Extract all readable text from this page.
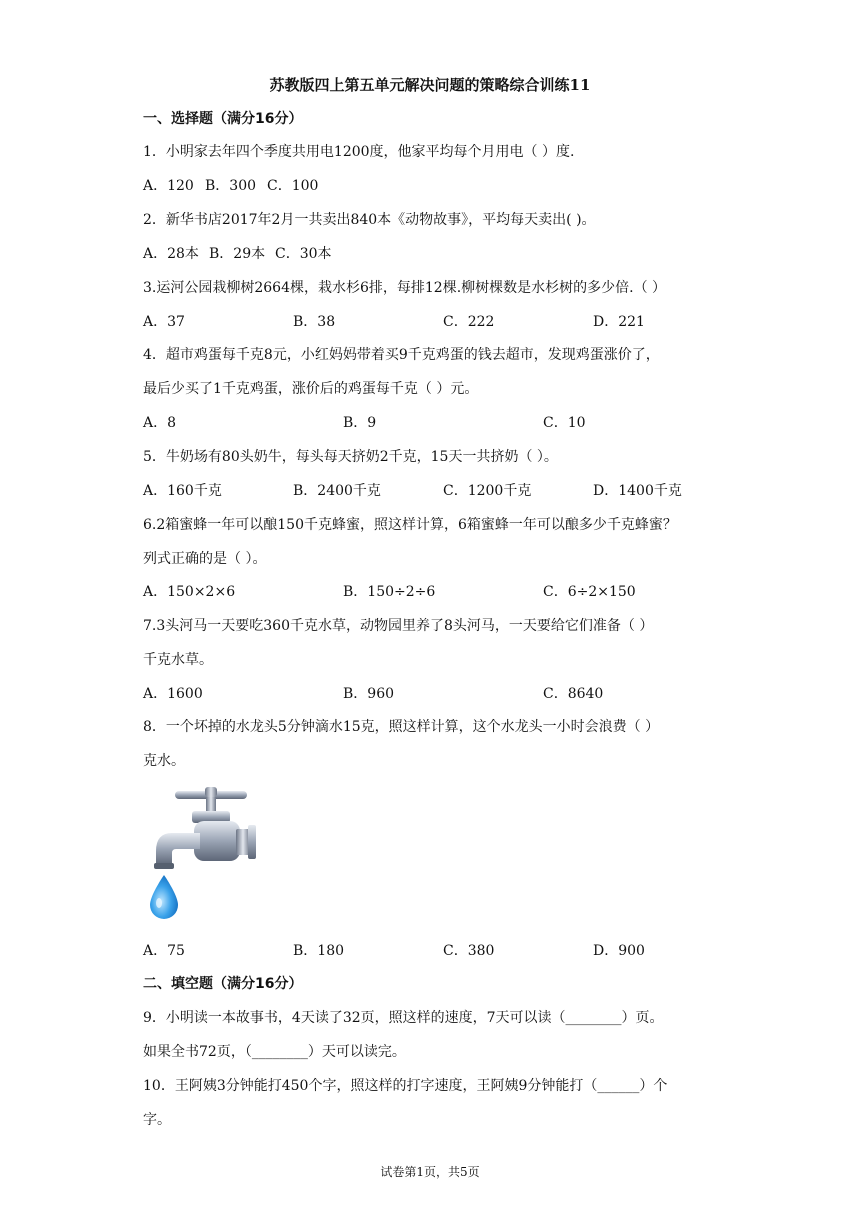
苏教版四上第五单元解决问题的策略综合训练11
一、选择题（满分16分）
1．小明家去年四个季度共用电1200度，他家平均每个月用电（ ）度.
A．120 B．300 C．100
2．新华书店2017年2月一共卖出840本《动物故事》，平均每天卖出( )。
A．28本 B．29本 C．30本
3.运河公园栽柳树2664棵，栽水杉6排，每排12棵.柳树棵数是水杉树的多少倍.（ ）
A．37	B．38	C．222	D．221
4．超市鸡蛋每千克8元，小红妈妈带着买9千克鸡蛋的钱去超市，发现鸡蛋涨价了，
最后少买了1千克鸡蛋，涨价后的鸡蛋每千克（ ）元。
A．8	B．9	C．10
5．牛奶场有80头奶牛，每头每天挤奶2千克，15天一共挤奶（ ）。
A．160千克	B．2400千克	C．1200千克	D．1400千克
6.2箱蜜蜂一年可以酿150千克蜂蜜，照这样计算，6箱蜜蜂一年可以酿多少千克蜂蜜？
列式正确的是（ ）。
A．150×2×6	B．150÷2÷6	C．6÷2×150
7.3头河马一天要吃360千克水草，动物园里养了8头河马，一天要给它们准备（ ）
千克水草。
A．1600	B．960	C．8640
8．一个坏掉的水龙头5分钟滴水15克，照这样计算，这个水龙头一小时会浪费（ ）
克水。
A．75	B．180	C．380	D．900
二、填空题（满分16分）
9．小明读一本故事书，4天读了32页，照这样的速度，7天可以读（________）页。
如果全书72页，（________）天可以读完。
10．王阿姨3分钟能打450个字，照这样的打字速度，王阿姨9分钟能打（______）个
字。
试卷第1页，共5页
